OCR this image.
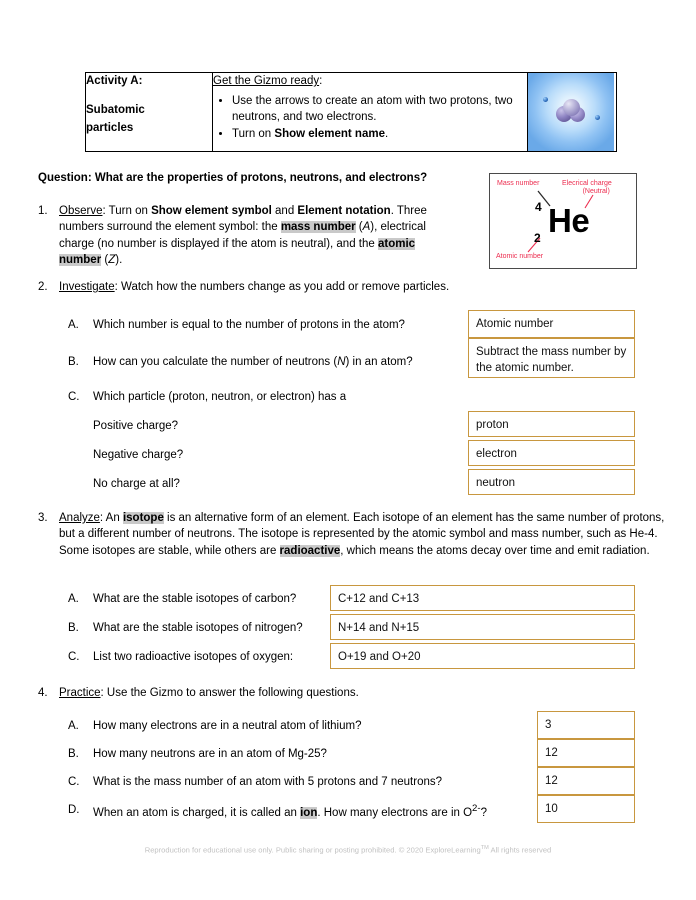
Activity A:
Subatomic
particles

Get the Gizmo ready:
• Use the arrows to create an atom with two protons, two neutrons, and two electrons.
• Turn on Show element name.

Question: What are the properties of protons, neutrons, and electrons?
1. Observe: Turn on Show element symbol and Element notation. Three numbers surround the element symbol: the mass number (A), electrical charge (no number is displayed if the atom is neutral), and the atomic number (Z).
Mass number	Elecrical charge
(Neutral)
Atomic number
4
2 He
2. Investigate: Watch how the numbers change as you add or remove particles.
A.	Which number is equal to the number of protons in the atom?	Atomic number
B.	How can you calculate the number of neutrons (N) in an atom?
Subtract the mass number by the atomic number.
C.	Which particle (proton, neutron, or electron) has a
Positive charge?	proton
Negative charge?	electron
No charge at all?	neutron
3. Analyze: An isotope is an alternative form of an element. Each isotope of an element has the same number of protons, but a different number of neutrons. The isotope is represented by the atomic symbol and mass number, such as He-4. Some isotopes are stable, while others are radioactive, which means the atoms decay over time and emit radiation.
A.	What are the stable isotopes of carbon?	C+12 and C+13
B.	What are the stable isotopes of nitrogen?	N+14 and N+15
C.	List two radioactive isotopes of oxygen:	O+19 and O+20
4. Practice: Use the Gizmo to answer the following questions.
A.	How many electrons are in a neutral atom of lithium?	3
B.	How many neutrons are in an atom of Mg-25?	12
C.	What is the mass number of an atom with 5 protons and 7 neutrons?	12
D.	When an atom is charged, it is called an ion. How many electrons are in $O^{2-}$?	10
Reproduction for educational use only. Public sharing or posting prohibited. © 2020 ExploreLearning™ All rights reserved
